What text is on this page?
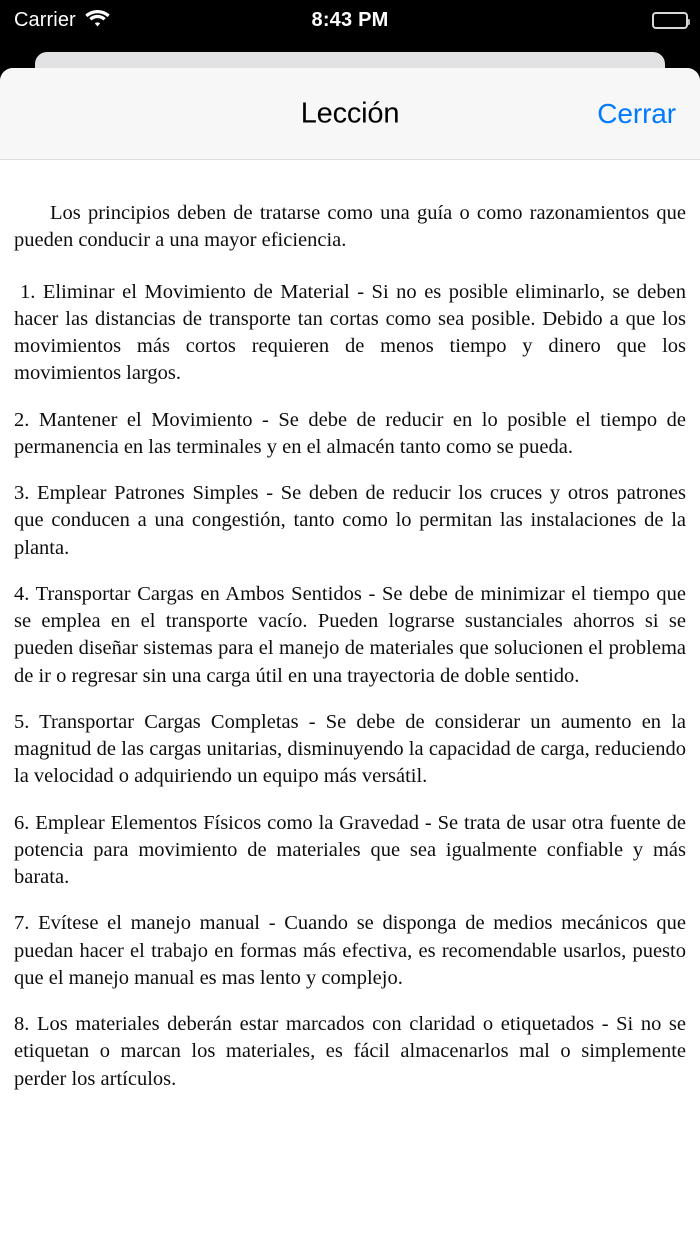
Carrier	8:43 PM
Lección	Cerrar

Los principios deben de tratarse como una guía o como razonamientos que pueden conducir a una mayor eficiencia.

1. Eliminar el Movimiento de Material - Si no es posible eliminarlo, se deben hacer las distancias de transporte tan cortas como sea posible. Debido a que los movimientos más cortos requieren de menos tiempo y dinero que los movimientos largos.

2. Mantener el Movimiento - Se debe de reducir en lo posible el tiempo de permanencia en las terminales y en el almacén tanto como se pueda.

3. Emplear Patrones Simples - Se deben de reducir los cruces y otros patrones que conducen a una congestión, tanto como lo permitan las instalaciones de la planta.

4. Transportar Cargas en Ambos Sentidos - Se debe de minimizar el tiempo que se emplea en el transporte vacío. Pueden lograrse sustanciales ahorros si se pueden diseñar sistemas para el manejo de materiales que solucionen el problema de ir o regresar sin una carga útil en una trayectoria de doble sentido.

5. Transportar Cargas Completas - Se debe de considerar un aumento en la magnitud de las cargas unitarias, disminuyendo la capacidad de carga, reduciendo la velocidad o adquiriendo un equipo más versátil.

6. Emplear Elementos Físicos como la Gravedad - Se trata de usar otra fuente de potencia para movimiento de materiales que sea igualmente confiable y más barata.

7. Evítese el manejo manual - Cuando se disponga de medios mecánicos que puedan hacer el trabajo en formas más efectiva, es recomendable usarlos, puesto que el manejo manual es mas lento y complejo.

8. Los materiales deberán estar marcados con claridad o etiquetados - Si no se etiquetan o marcan los materiales, es fácil almacenarlos mal o simplemente perder los artículos.
